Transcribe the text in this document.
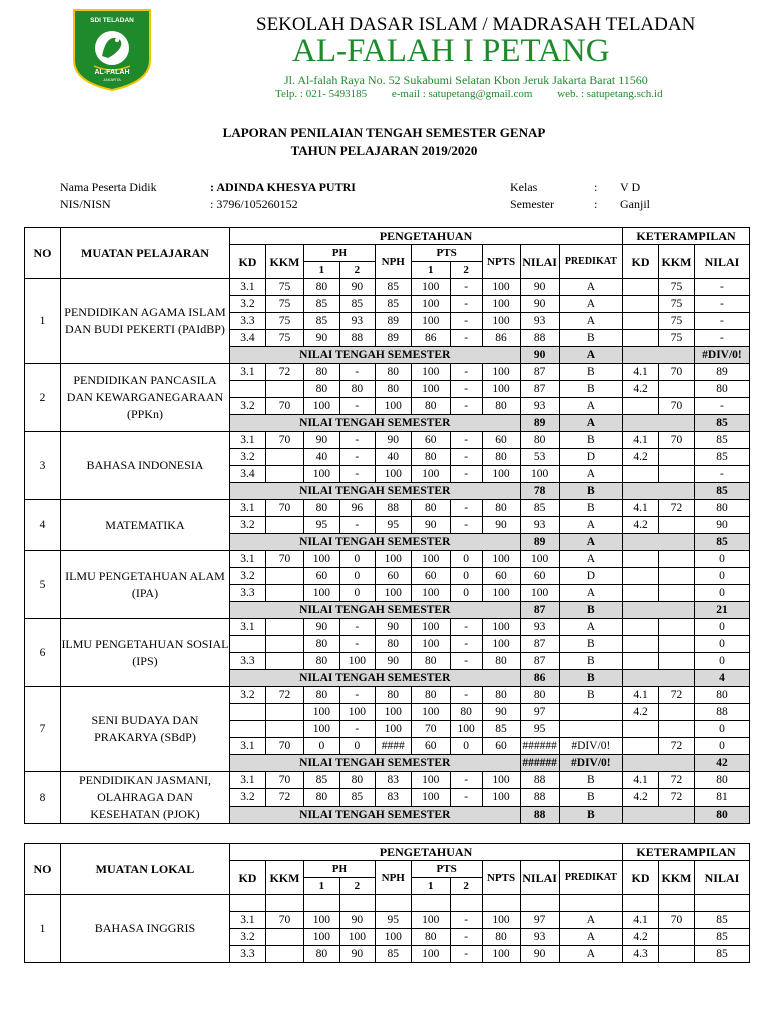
SDI TELADAN
AL-FALAH
JAKARTA
SEKOLAH DASAR ISLAM / MADRASAH TELADAN
AL-FALAH I PETANG
Jl. Al-falah Raya No. 52 Sukabumi Selatan Kbon Jeruk Jakarta Barat 11560
Telp. : 021- 5493185 e-mail : satupetang@gmail.com web. : satupetang.sch.id
LAPORAN PENILAIAN TENGAH SEMESTER GENAP
TAHUN PELAJARAN 2019/2020
Nama Peserta Didik	: ADINDA KHESYA PUTRI
NIS/NISN	: 3796/105260152
Kelas	: V D
Semester	: Ganjil
NO	MUATAN PELAJARAN	PENGETAHUAN										KETERAMPILAN		
		KD	KKM	PH		NPH	PTS		NPTS	NILAI	PREDIKAT	KD	KKM	NILAI
				1	2		1	2						
1	PENDIDIKAN AGAMA ISLAM DAN BUDI PEKERTI (PAIdBP)	3.1	75	80	90	85	100	-	100	90	A		75	-
		3.2	75	85	85	85	100	-	100	90	A		75	-
		3.3	75	85	93	89	100	-	100	93	A		75	-
		3.4	75	90	88	89	86	-	86	88	B		75	-
		NILAI TENGAH SEMESTER								90	A			#DIV/0!
2	PENDIDIKAN PANCASILA DAN KEWARGANEGARAAN (PPKn)	3.1	72	80	-	80	100	-	100	87	B	4.1	70	89
				80	80	80	100	-	100	87	B	4.2		80
		3.2	70	100	-	100	80	-	80	93	A		70	-
		NILAI TENGAH SEMESTER								89	A			85
3	BAHASA INDONESIA	3.1	70	90	-	90	60	-	60	80	B	4.1	70	85
		3.2		40	-	40	80	-	80	53	D	4.2		85
		3.4		100	-	100	100	-	100	100	A			-
		NILAI TENGAH SEMESTER								78	B			85
4	MATEMATIKA	3.1	70	80	96	88	80	-	80	85	B	4.1	72	80
		3.2		95	-	95	90	-	90	93	A	4.2		90
		NILAI TENGAH SEMESTER								89	A			85
5	ILMU PENGETAHUAN ALAM (IPA)	3.1	70	100	0	100	100	0	100	100	A			0
		3.2		60	0	60	60	0	60	60	D			0
		3.3		100	0	100	100	0	100	100	A			0
		NILAI TENGAH SEMESTER								87	B			21
6	ILMU PENGETAHUAN SOSIAL (IPS)	3.1		90	-	90	100	-	100	93	A			0
				80	-	80	100	-	100	87	B			0
		3.3		80	100	90	80	-	80	87	B			0
		NILAI TENGAH SEMESTER								86	B			4
7	SENI BUDAYA DAN PRAKARYA (SBdP)	3.2	72	80	-	80	80	-	80	80	B	4.1	72	80
				100	100	100	100	80	90	97		4.2		88
				100	-	100	70	100	85	95				0
		3.1	70	0	0	####	60	0	60	######	#DIV/0!		72	0
		NILAI TENGAH SEMESTER								######	#DIV/0!			42
8	PENDIDIKAN JASMANI, OLAHRAGA DAN KESEHATAN (PJOK)	3.1	70	85	80	83	100	-	100	88	B	4.1	72	80
		3.2	72	80	85	83	100	-	100	88	B	4.2	72	81
		NILAI TENGAH SEMESTER								88	B			80
NO	MUATAN LOKAL	PENGETAHUAN										KETERAMPILAN		
		KD	KKM	PH		NPH	PTS		NPTS	NILAI	PREDIKAT	KD	KKM	NILAI
				1	2		1	2						
1	BAHASA INGGRIS													
		3.1	70	100	90	95	100	-	100	97	A	4.1	70	85
		3.2		100	100	100	80	-	80	93	A	4.2		85
		3.3		80	90	85	100	-	100	90	A	4.3		85
